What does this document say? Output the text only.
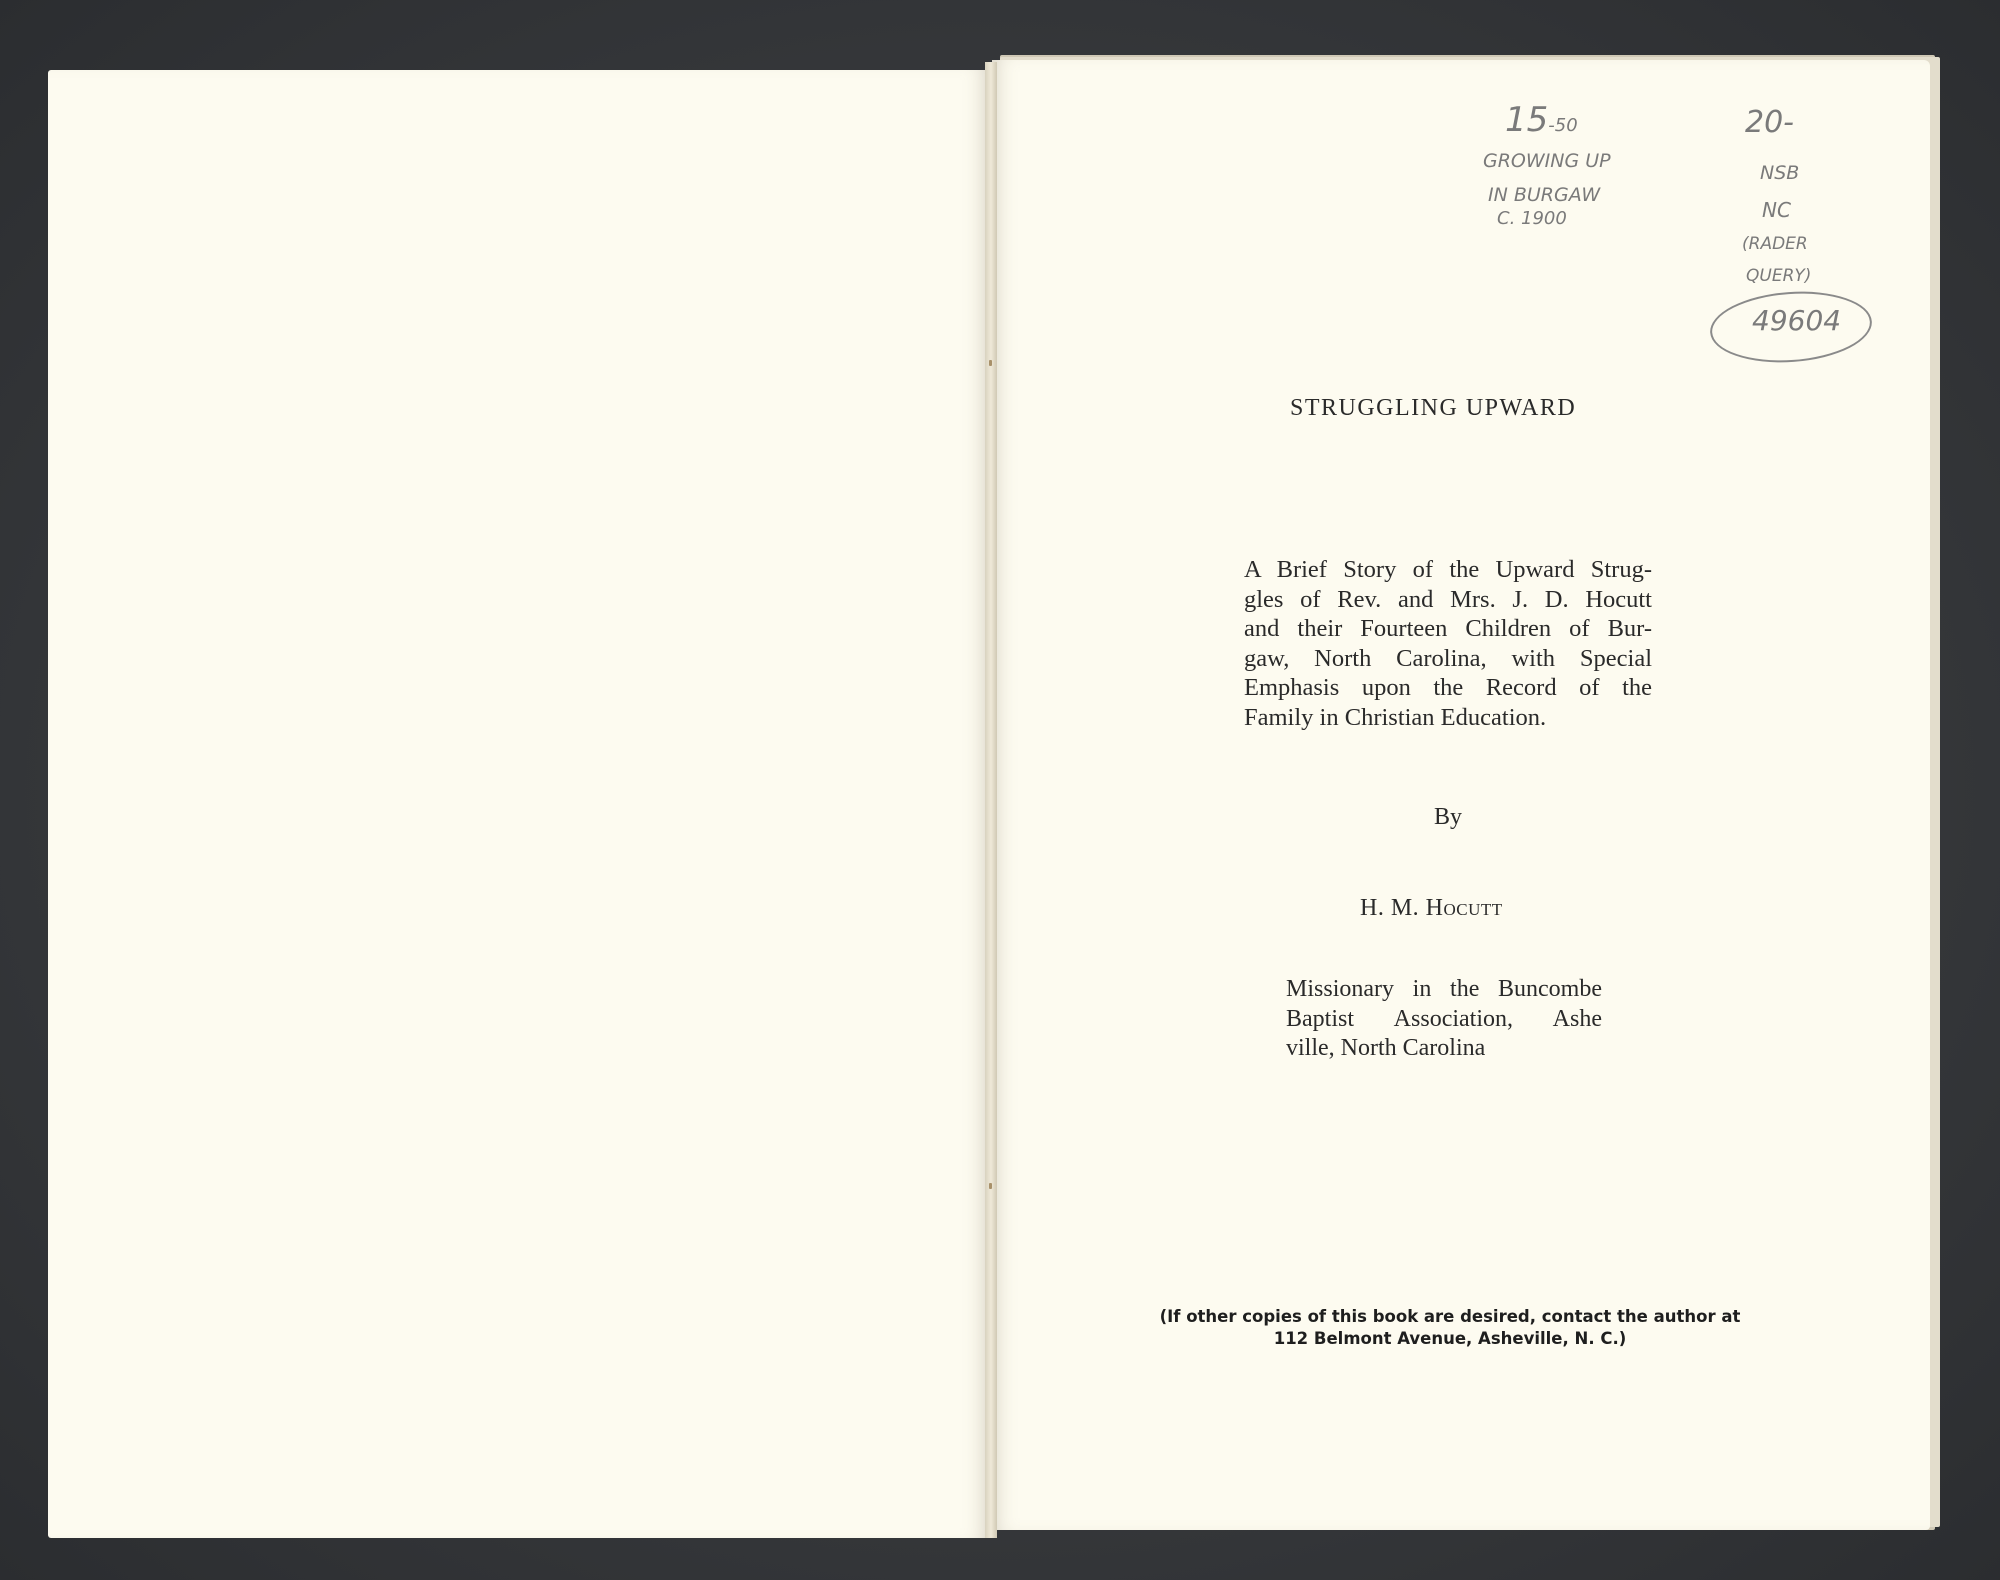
15-50
GROWING UP
IN BURGAW
C. 1900
20-
NSB
NC
(RADER
QUERY)
49604
STRUGGLING UPWARD
A Brief Story of the Upward Strug-
gles of Rev. and Mrs. J. D. Hocutt
and their Fourteen Children of Bur-
gaw, North Carolina, with Special
Emphasis upon the Record of the
Family in Christian Education.
By
H. M. Hocutt
Missionary in the Buncombe
Baptist Association, Ashe
ville, North Carolina
(If other copies of this book are desired, contact the author at
112 Belmont Avenue, Asheville, N. C.)
